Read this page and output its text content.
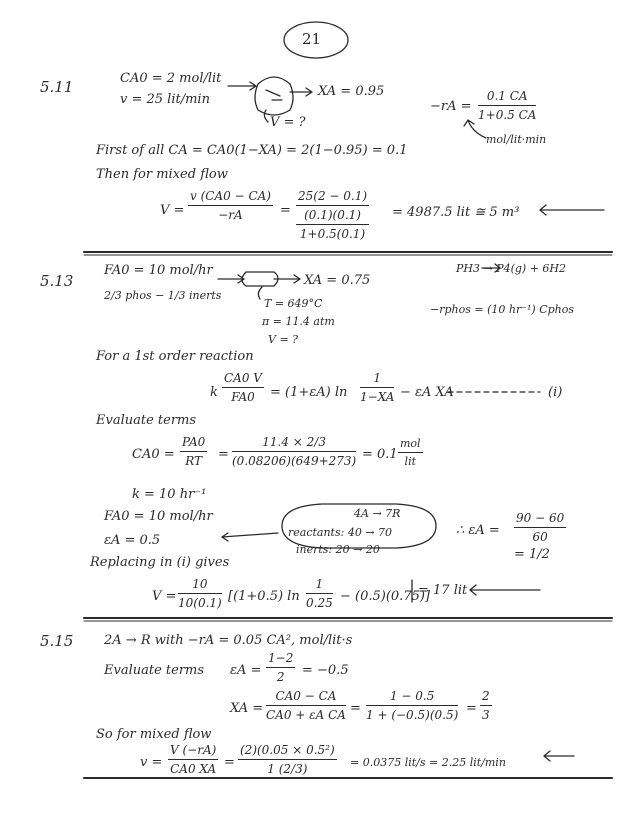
21
5.11	CA0 = 2 mol/lit
v = 25 lit/min
XA = 0.95
V = ?
$-rA = \frac{0.1 CA}{1+0.5 CA}$
mol/lit·min
First of all CA = CA0(1−XA) = 2(1−0.95) = 0.1
Then for mixed flow
$V = \frac{v (CA0 - CA)}{-rA}$ =
25(2 − 0.1)
(0.1)(0.1)
1+0.5(0.1)
= 4987.5 lit ≅ 5 m³
5.13
FA0 = 10 mol/hr
2/3 phos − 1/3 inerts
XA = 0.75
PH3 → P4(g) + 6H2
T = 649°C
π = 11.4 atm
V = ?
−rphos = (10 hr⁻¹) Cphos
For a 1st order reaction
k $\frac{CA0 V}{FA0} = (1+\varepsilon A)$ $\ln \frac{1}{1-XA} - \varepsilon A$ XA	(i)
Evaluate terms
$CA0 = \frac{PA0}{RT} = \frac{11.4 \times 2/3}{(0.08206)(649+273)} = 0.1$
mol
lit
k = 10 hr⁻¹
FA0 = 10 mol/hr
εA = 0.5
4A → 7R
reactants: 40 → 70
inerts: 20 → 20
∴ $\varepsilon A = \frac{90 - 60}{60}$
= 1/2
Replacing in (i) gives
$V = \frac{10}{10(0.1)} [(1+0.5)$ $\ln \frac{1}{0.25} - (0.5)(0.75)$]
= 17 lit
5.15 2A → R with −rA = 0.05 CA², mol/lit·s
Evaluate terms $\varepsilon A = \frac{1-2}{2} = -0.5$
XA = $\frac{CA0 - CA}{\text{CA0 + εA CA}} = \frac{1 - 0.5}{1 + (-0.5)(0.5)} = \frac{2}{3}$
So for mixed flow
$v = \frac{V (-rA)}{CA0 XA} = \frac{\text{(2)(0.05 × 0.5²)}}{1 (2/3)} = 0.0375$ lit/s = 2.25 lit/min
